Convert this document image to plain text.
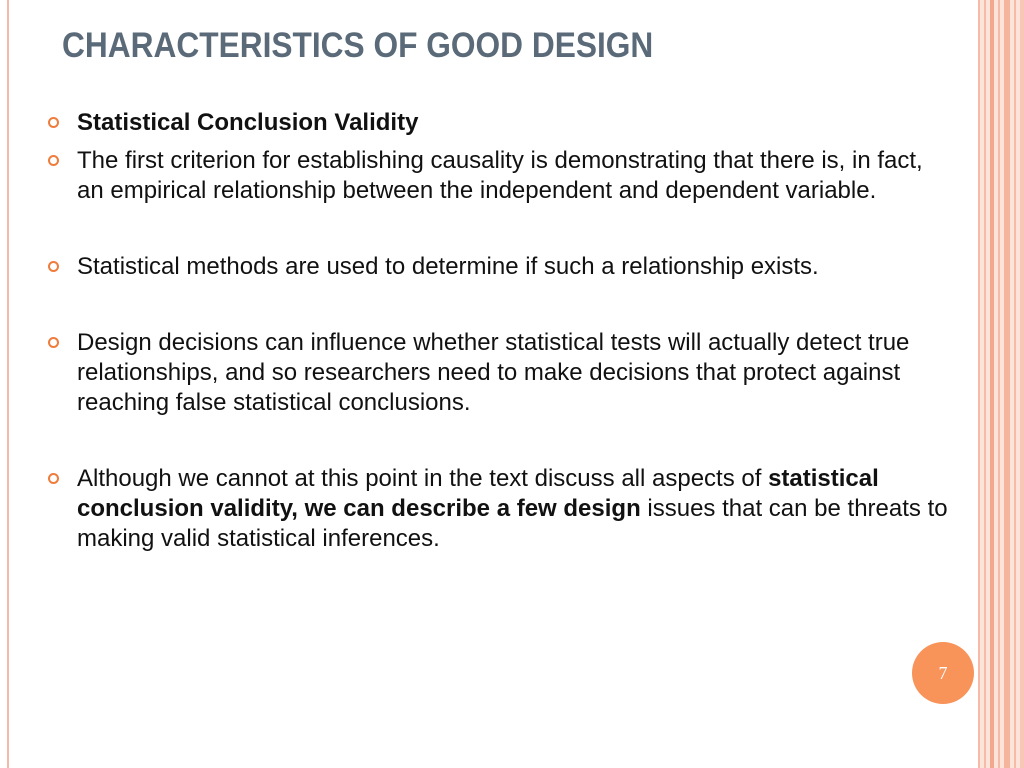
CHARACTERISTICS OF GOOD DESIGN
Statistical Conclusion Validity
The first criterion for establishing causality is demonstrating that there is, in fact, an empirical relationship between the independent and dependent variable.
Statistical methods are used to determine if such a relationship exists.
Design decisions can influence whether statistical tests will actually detect true relationships, and so researchers need to make decisions that protect against reaching false statistical conclusions.
Although we cannot at this point in the text discuss all aspects of statistical conclusion validity, we can describe a few design issues that can be threats to making valid statistical inferences.
7
